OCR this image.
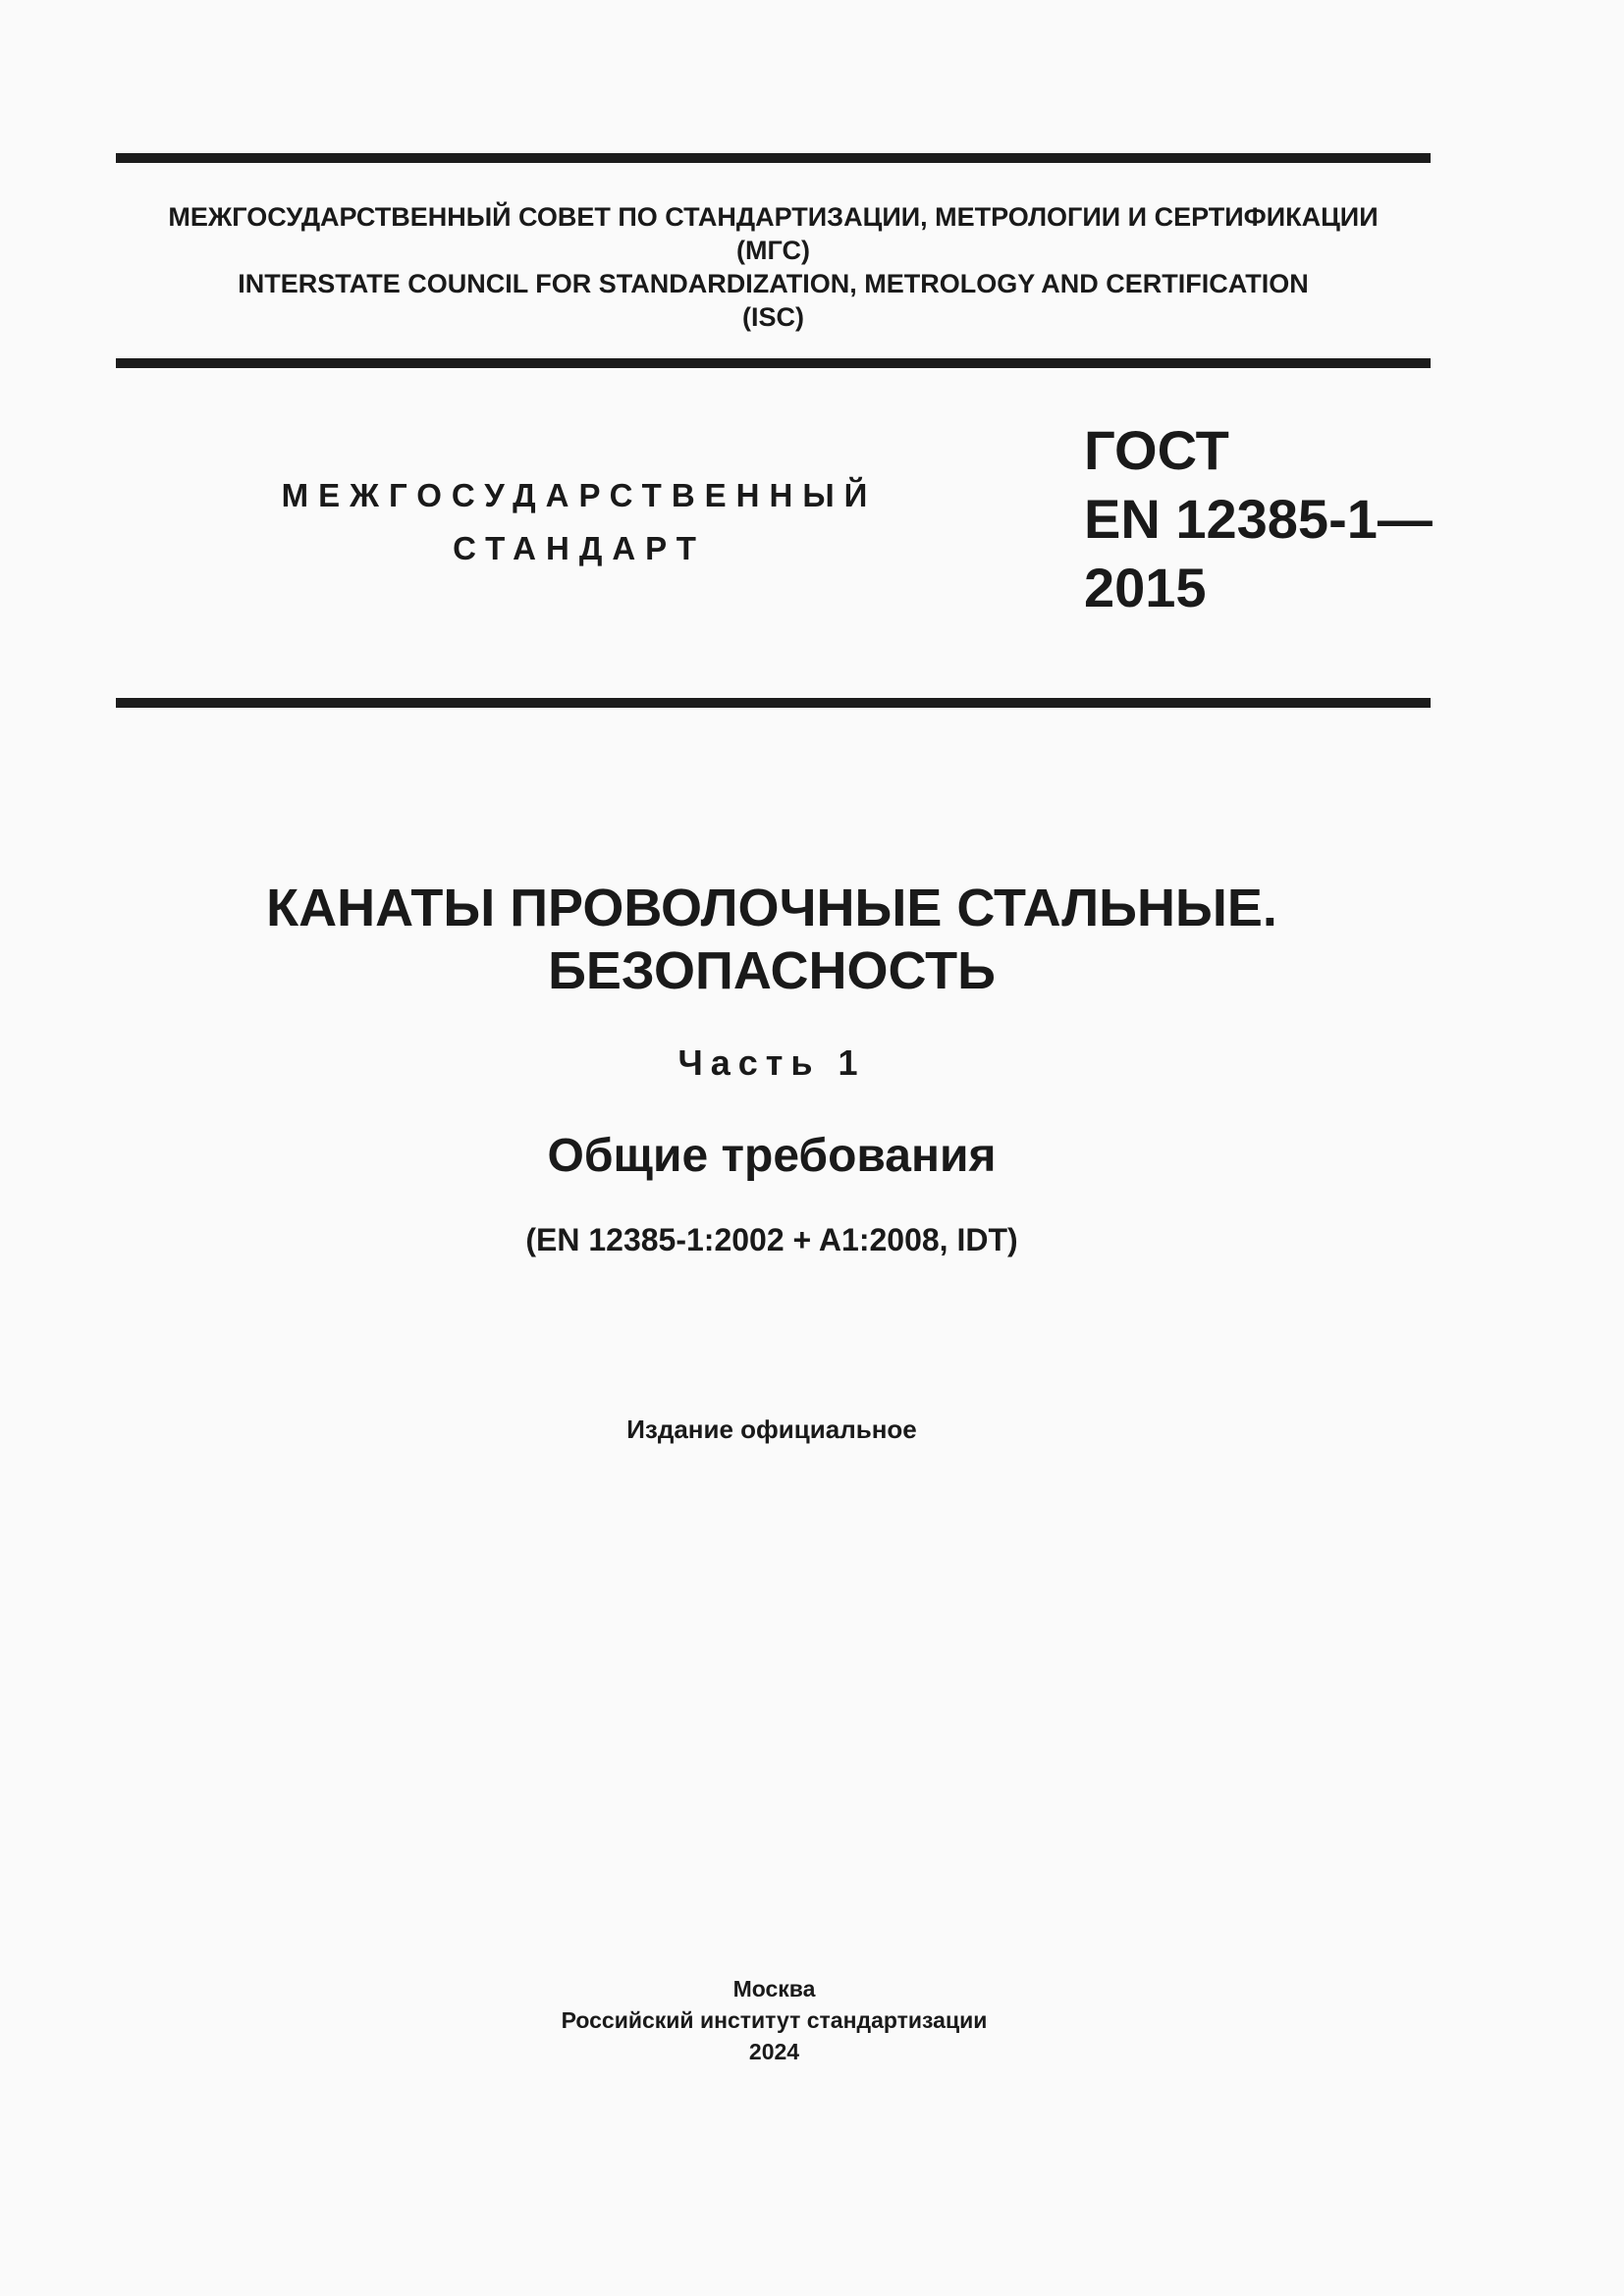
МЕЖГОСУДАРСТВЕННЫЙ СОВЕТ ПО СТАНДАРТИЗАЦИИ, МЕТРОЛОГИИ И СЕРТИФИКАЦИИ
(МГС)
INTERSTATE COUNCIL FOR STANDARDIZATION, METROLOGY AND CERTIFICATION
(ISC)
МЕЖГОСУДАРСТВЕННЫЙ
СТАНДАРТ
ГОСТ
EN 12385-1—
2015
КАНАТЫ ПРОВОЛОЧНЫЕ СТАЛЬНЫЕ.
БЕЗОПАСНОСТЬ
Часть 1
Общие требования
(EN 12385-1:2002 + A1:2008, IDT)
Издание официальное
Москва
Российский институт стандартизации
2024
